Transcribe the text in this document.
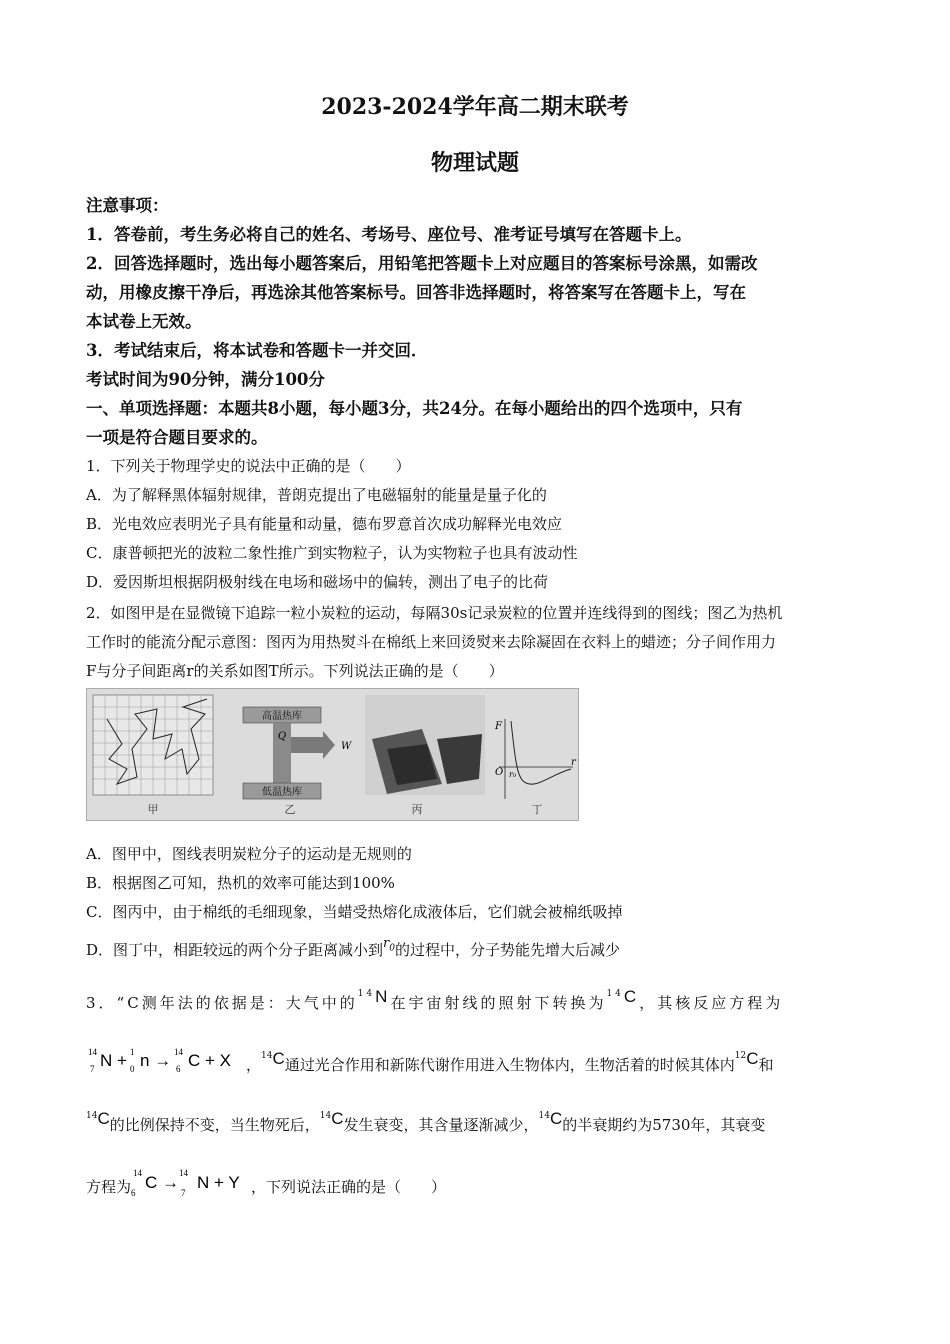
2023-2024学年高二期末联考
物理试题
注意事项：
1．答卷前，考生务必将自己的姓名、考场号、座位号、准考证号填写在答题卡上。
2．回答选择题时，选出每小题答案后，用铅笔把答题卡上对应题目的答案标号涂黑，如需改
动，用橡皮擦干净后，再选涂其他答案标号。回答非选择题时，将答案写在答题卡上，写在
本试卷上无效。
3．考试结束后，将本试卷和答题卡一并交回．
考试时间为90分钟，满分100分
一、单项选择题：本题共8小题，每小题3分，共24分。在每小题给出的四个选项中，只有
一项是符合题目要求的。
1．下列关于物理学史的说法中正确的是（　　）
A．为了解释黑体辐射规律，普朗克提出了电磁辐射的能量是量子化的
B．光电效应表明光子具有能量和动量，德布罗意首次成功解释光电效应
C．康普顿把光的波粒二象性推广到实物粒子，认为实物粒子也具有波动性
D．爱因斯坦根据阴极射线在电场和磁场中的偏转，测出了电子的比荷
2．如图甲是在显微镜下追踪一粒小炭粒的运动，每隔30s记录炭粒的位置并连线得到的图线；图乙为热机
工作时的能流分配示意图：图丙为用热熨斗在棉纸上来回烫熨来去除凝固在衣料上的蜡迹；分子间作用力
F与分子间距离r的关系如图T所示。下列说法正确的是（　　）
甲
高温热库
Q
W
低温热库
乙	丙
F
O
r
r₀
丁
A．图甲中，图线表明炭粒分子的运动是无规则的
B．根据图乙可知，热机的效率可能达到100%
C．图丙中，由于棉纸的毛细现象，当蜡受热熔化成液体后，它们就会被棉纸吸掉
D．图丁中，相距较远的两个分子距离减小到$r_0$的过程中，分子势能先增大后减少
3．“C测年法的依据是：大气中的$^{14}$N在宇宙射线的照射下转换为$^{14}$C，其核反应方程为
14
7 N + 1
0 n → 14
6 C + X ，$^{14}$C通过光合作用和新陈代谢作用进入生物体内，生物活着的时候其体内$^{12}$C和
$^{14}$C的比例保持不变，当生物死后，$^{14}$C发生衰变，其含量逐渐减少，$^{14}$C的半衰期约为5730年，其衰变
方程为
14
6
C → 14
7
N + Y ，下列说法正确的是（　　）
